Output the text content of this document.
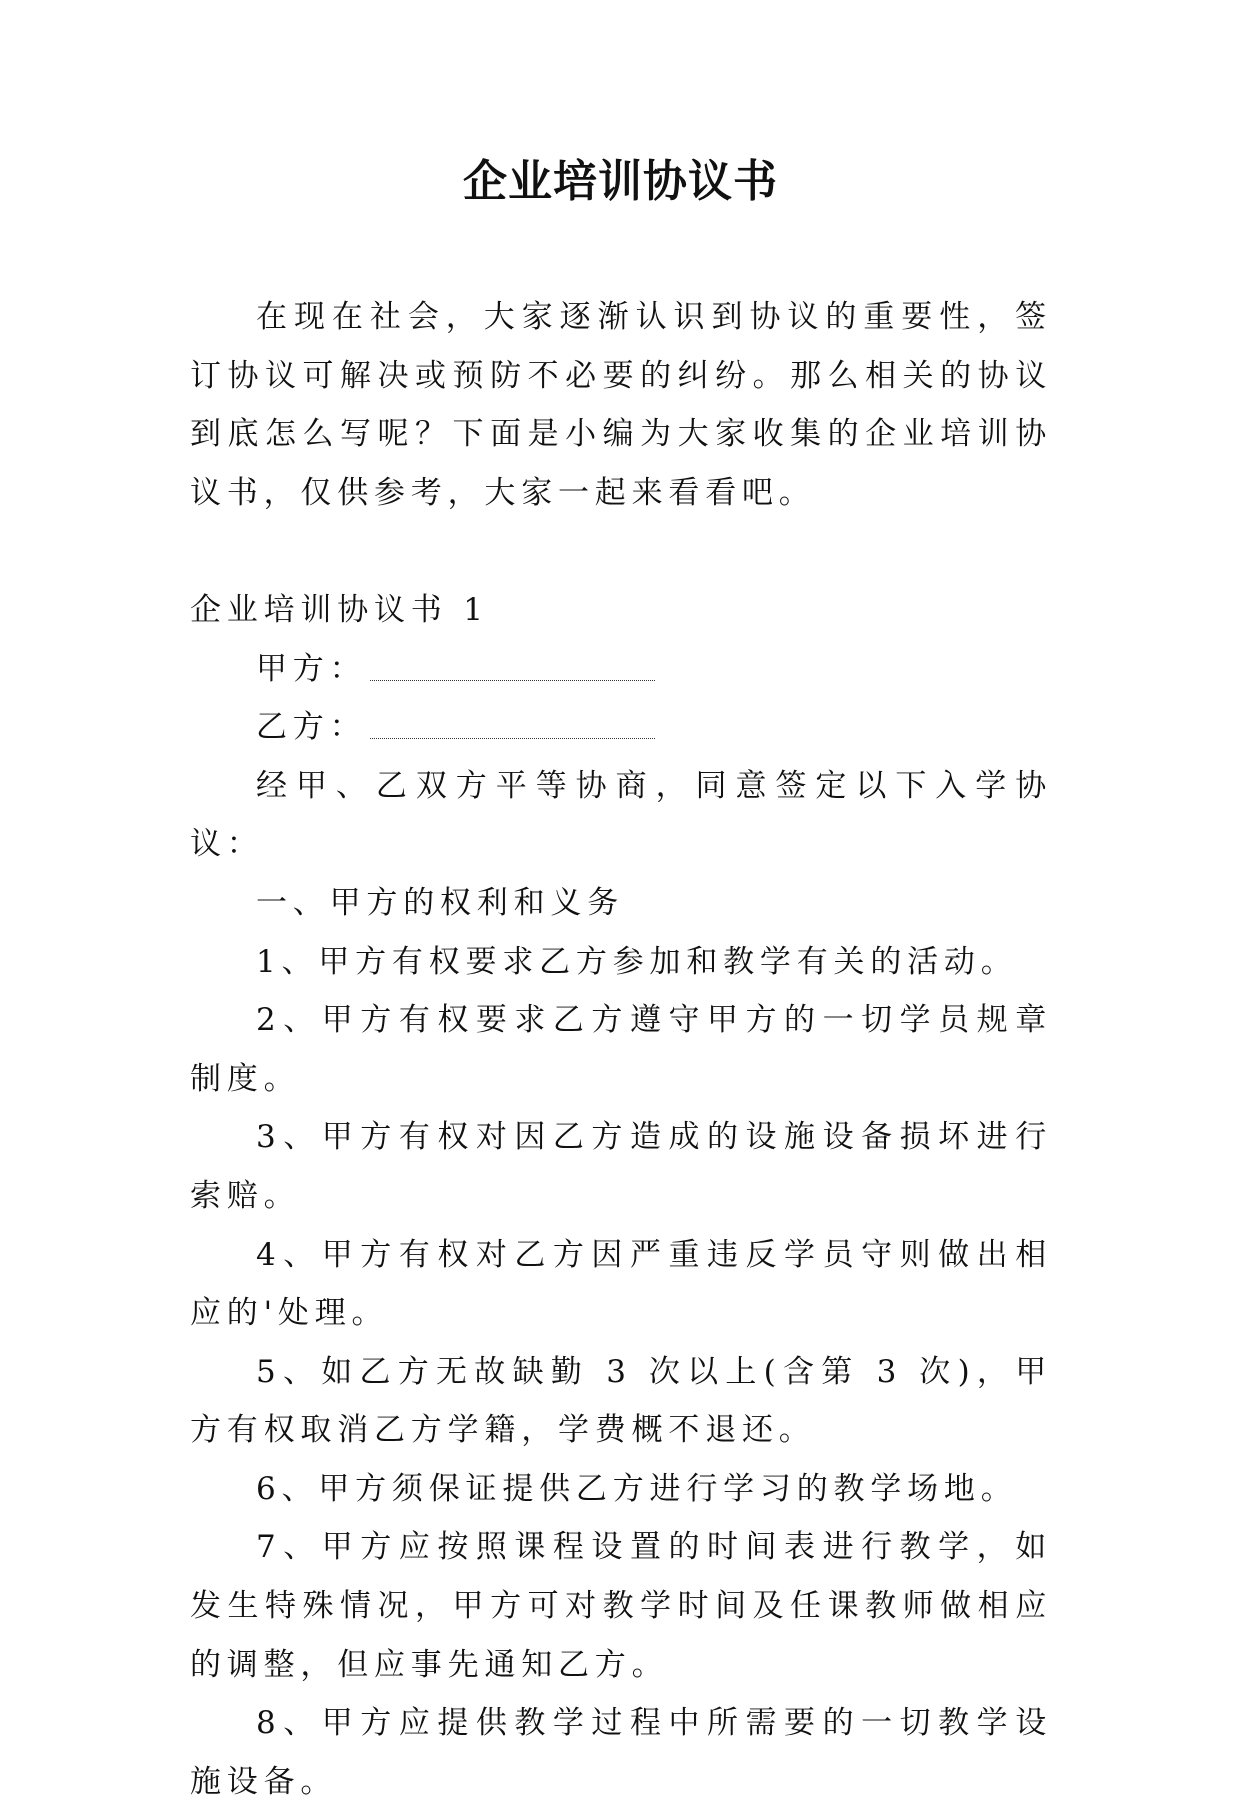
企业培训协议书

在现在社会，大家逐渐认识到协议的重要性，签订协议可解决或预防不必要的纠纷。那么相关的协议到底怎么写呢？下面是小编为大家收集的企业培训协议书，仅供参考，大家一起来看看吧。

企业培训协议书 1

甲方：

乙方：

经甲、乙双方平等协商，同意签定以下入学协议：

一、甲方的权利和义务

1、甲方有权要求乙方参加和教学有关的活动。

2、甲方有权要求乙方遵守甲方的一切学员规章制度。

3、甲方有权对因乙方造成的设施设备损坏进行索赔。

4、甲方有权对乙方因严重违反学员守则做出相应的'处理。

5、如乙方无故缺勤 3 次以上(含第 3 次)，甲方有权取消乙方学籍，学费概不退还。

6、甲方须保证提供乙方进行学习的教学场地。

7、甲方应按照课程设置的时间表进行教学，如发生特殊情况，甲方可对教学时间及任课教师做相应的调整，但应事先通知乙方。

8、甲方应提供教学过程中所需要的一切教学设施设备。
